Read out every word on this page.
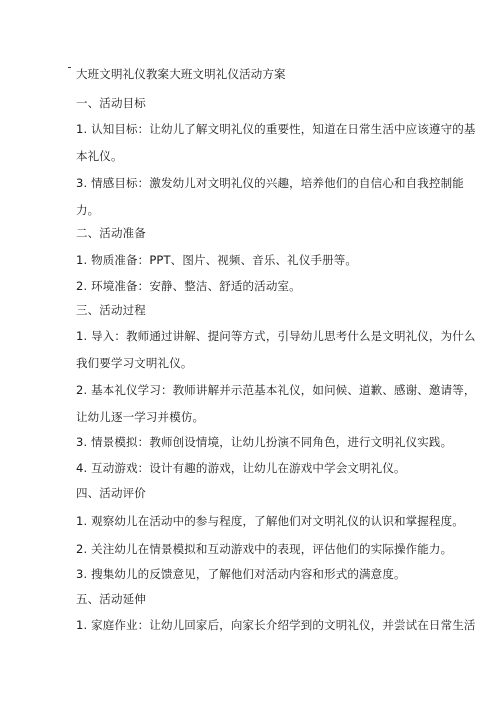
大班文明礼仪教案大班文明礼仪活动方案
一、活动目标
1. 认知目标：让幼儿了解文明礼仪的重要性，知道在日常生活中应该遵守的基
本礼仪。
3. 情感目标：激发幼儿对文明礼仪的兴趣，培养他们的自信心和自我控制能
力。
二、活动准备
1. 物质准备：PPT、图片、视频、音乐、礼仪手册等。
2. 环境准备：安静、整洁、舒适的活动室。
三、活动过程
1. 导入：教师通过讲解、提问等方式，引导幼儿思考什么是文明礼仪，为什么
我们要学习文明礼仪。
2. 基本礼仪学习：教师讲解并示范基本礼仪，如问候、道歉、感谢、邀请等，
让幼儿逐一学习并模仿。
3. 情景模拟：教师创设情境，让幼儿扮演不同角色，进行文明礼仪实践。
4. 互动游戏：设计有趣的游戏，让幼儿在游戏中学会文明礼仪。
四、活动评价
1. 观察幼儿在活动中的参与程度，了解他们对文明礼仪的认识和掌握程度。
2. 关注幼儿在情景模拟和互动游戏中的表现，评估他们的实际操作能力。
3. 搜集幼儿的反馈意见，了解他们对活动内容和形式的满意度。
五、活动延伸
1. 家庭作业：让幼儿回家后，向家长介绍学到的文明礼仪，并尝试在日常生活
